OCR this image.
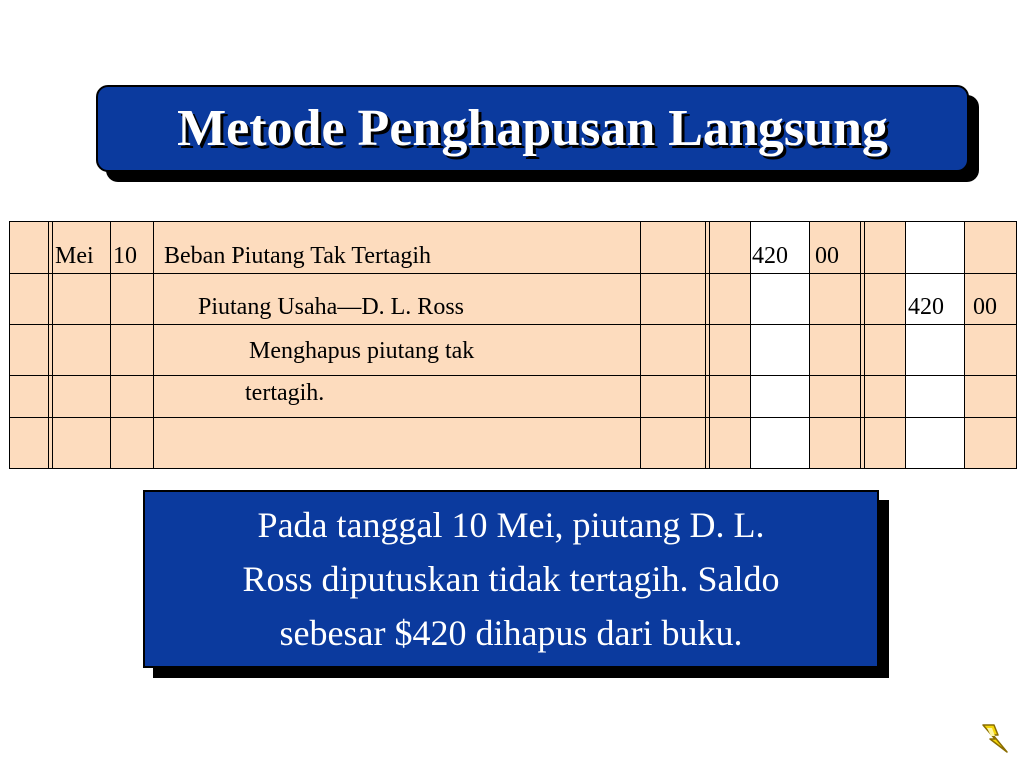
Metode Penghapusan Langsung
Mei 10 Beban Piutang Tak Tertagih	420 00
Piutang Usaha—D. L. Ross	420 00
Menghapus piutang tak
tertagih.
Pada tanggal 10 Mei, piutang D. L.
Ross diputuskan tidak tertagih. Saldo
sebesar $420 dihapus dari buku.
